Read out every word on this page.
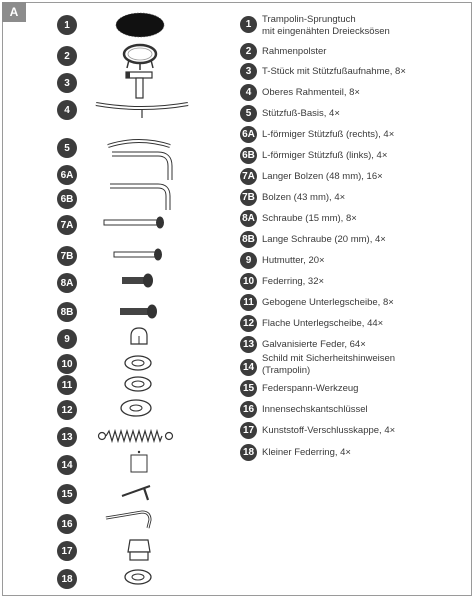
A
1
2
3
4
5
6A
6B
7A
7B
8A
8B
9
10
11
12
13
14
15
16
17
18
1	Trampolin-Sprungtuch
mit eingenähten Dreiecksösen
2	Rahmenpolster
3	T-Stück mit Stützfußaufnahme, 8×
4	Oberes Rahmenteil, 8×
5	Stützfuß-Basis, 4×
6A L-förmiger Stützfuß (rechts), 4×
6B L-förmiger Stützfuß (links), 4×
7A Langer Bolzen (48 mm), 16×
7B Bolzen (43 mm), 4×
8A Schraube (15 mm), 8×
8B Lange Schraube (20 mm), 4×
9	Hutmutter, 20×
10 Federring, 32×
11 Gebogene Unterlegscheibe, 8×
12 Flache Unterlegscheibe, 44×
13 Galvanisierte Feder, 64×
14
Schild mit Sicherheitshinweisen
(Trampolin)
15 Federspann-Werkzeug
16 Innensechskantschlüssel
17 Kunststoff-Verschlusskappe, 4×
18 Kleiner Federring, 4×
